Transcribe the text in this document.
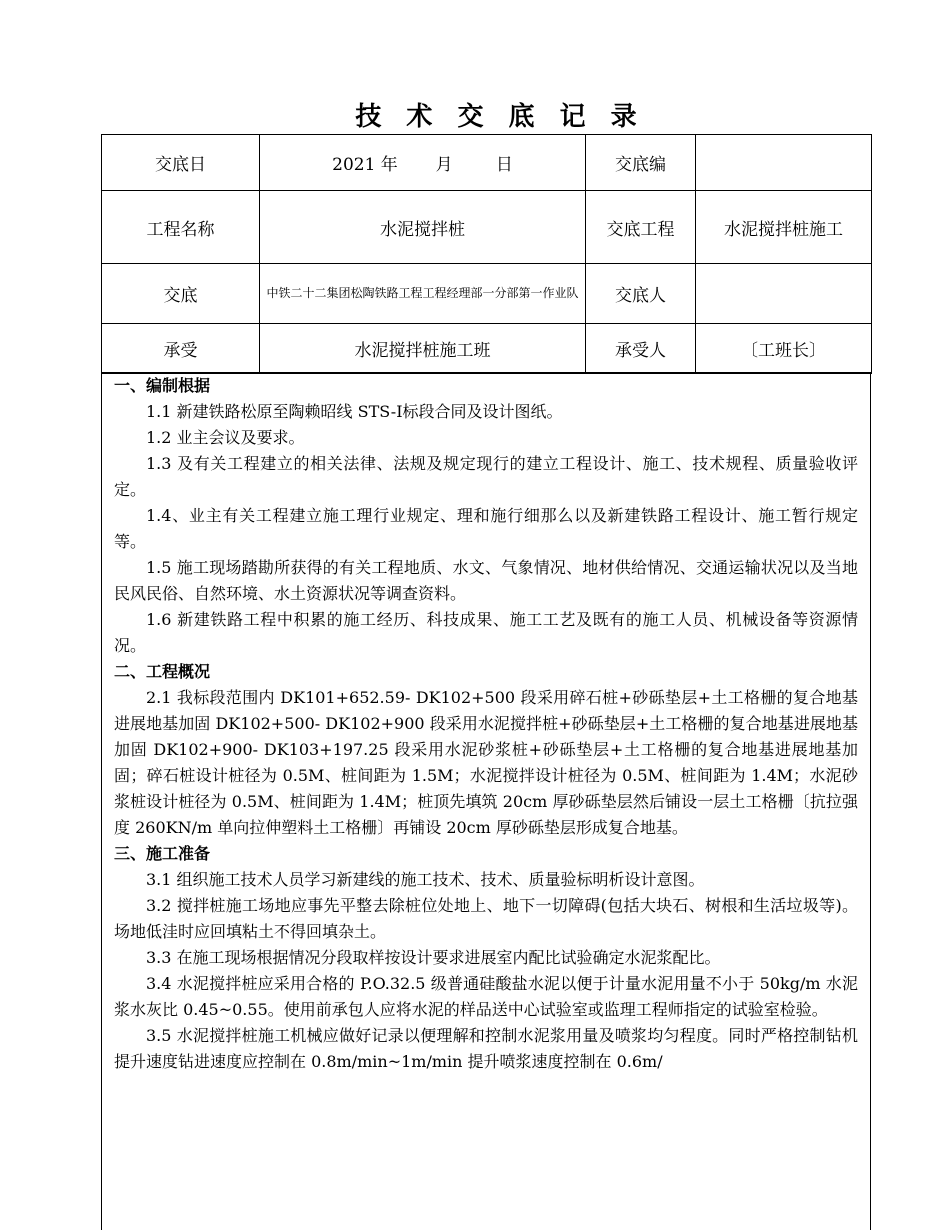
技 术 交 底 记 录
交底日	2021 年       月        日	交底编	
工程名称	水泥搅拌桩	交底工程	水泥搅拌桩施工
交底	中铁二十二集团松陶铁路工程工程经理部一分部第一作业队	交底人	
承受	水泥搅拌桩施工班	承受人	〔工班长〕
一、编制根据
1.1 新建铁路松原至陶赖昭线 STS-I标段合同及设计图纸。
1.2 业主会议及要求。
1.3 及有关工程建立的相关法律、法规及规定现行的建立工程设计、施工、技术规程、质量验收评定。
1.4、业主有关工程建立施工理行业规定、理和施行细那么以及新建铁路工程设计、施工暂行规定等。
1.5 施工现场踏勘所获得的有关工程地质、水文、气象情况、地材供给情况、交通运输状况以及当地民风民俗、自然环境、水土资源状况等调查资料。
1.6 新建铁路工程中积累的施工经历、科技成果、施工工艺及既有的施工人员、机械设备等资源情况。
二、工程概况
2.1 我标段范围内 DK101+652.59- DK102+500 段采用碎石桩+砂砾垫层+土工格栅的复合地基进展地基加固 DK102+500- DK102+900 段采用水泥搅拌桩+砂砾垫层+土工格栅的复合地基进展地基加固 DK102+900- DK103+197.25 段采用水泥砂浆桩+砂砾垫层+土工格栅的复合地基进展地基加固；碎石桩设计桩径为 0.5M、桩间距为 1.5M；水泥搅拌设计桩径为 0.5M、桩间距为 1.4M；水泥砂浆桩设计桩径为 0.5M、桩间距为 1.4M；桩顶先填筑 20cm 厚砂砾垫层然后铺设一层土工格栅〔抗拉强度 260KN/m 单向拉伸塑料土工格栅〕再铺设 20cm 厚砂砾垫层形成复合地基。
三、施工准备
3.1 组织施工技术人员学习新建线的施工技术、技术、质量验标明析设计意图。
3.2 搅拌桩施工场地应事先平整去除桩位处地上、地下一切障碍(包括大块石、树根和生活垃圾等)。场地低洼时应回填粘土不得回填杂土。
3.3 在施工现场根据情况分段取样按设计要求进展室内配比试验确定水泥浆配比。
3.4 水泥搅拌桩应采用合格的 P.O.32.5 级普通硅酸盐水泥以便于计量水泥用量不小于 50kg/m 水泥浆水灰比 0.45~0.55。使用前承包人应将水泥的样品送中心试验室或监理工程师指定的试验室检验。
3.5 水泥搅拌桩施工机械应做好记录以便理解和控制水泥浆用量及喷浆均匀程度。同时严格控制钻机提升速度钻进速度应控制在 0.8m/min~1m/min 提升喷浆速度控制在 0.6m/
